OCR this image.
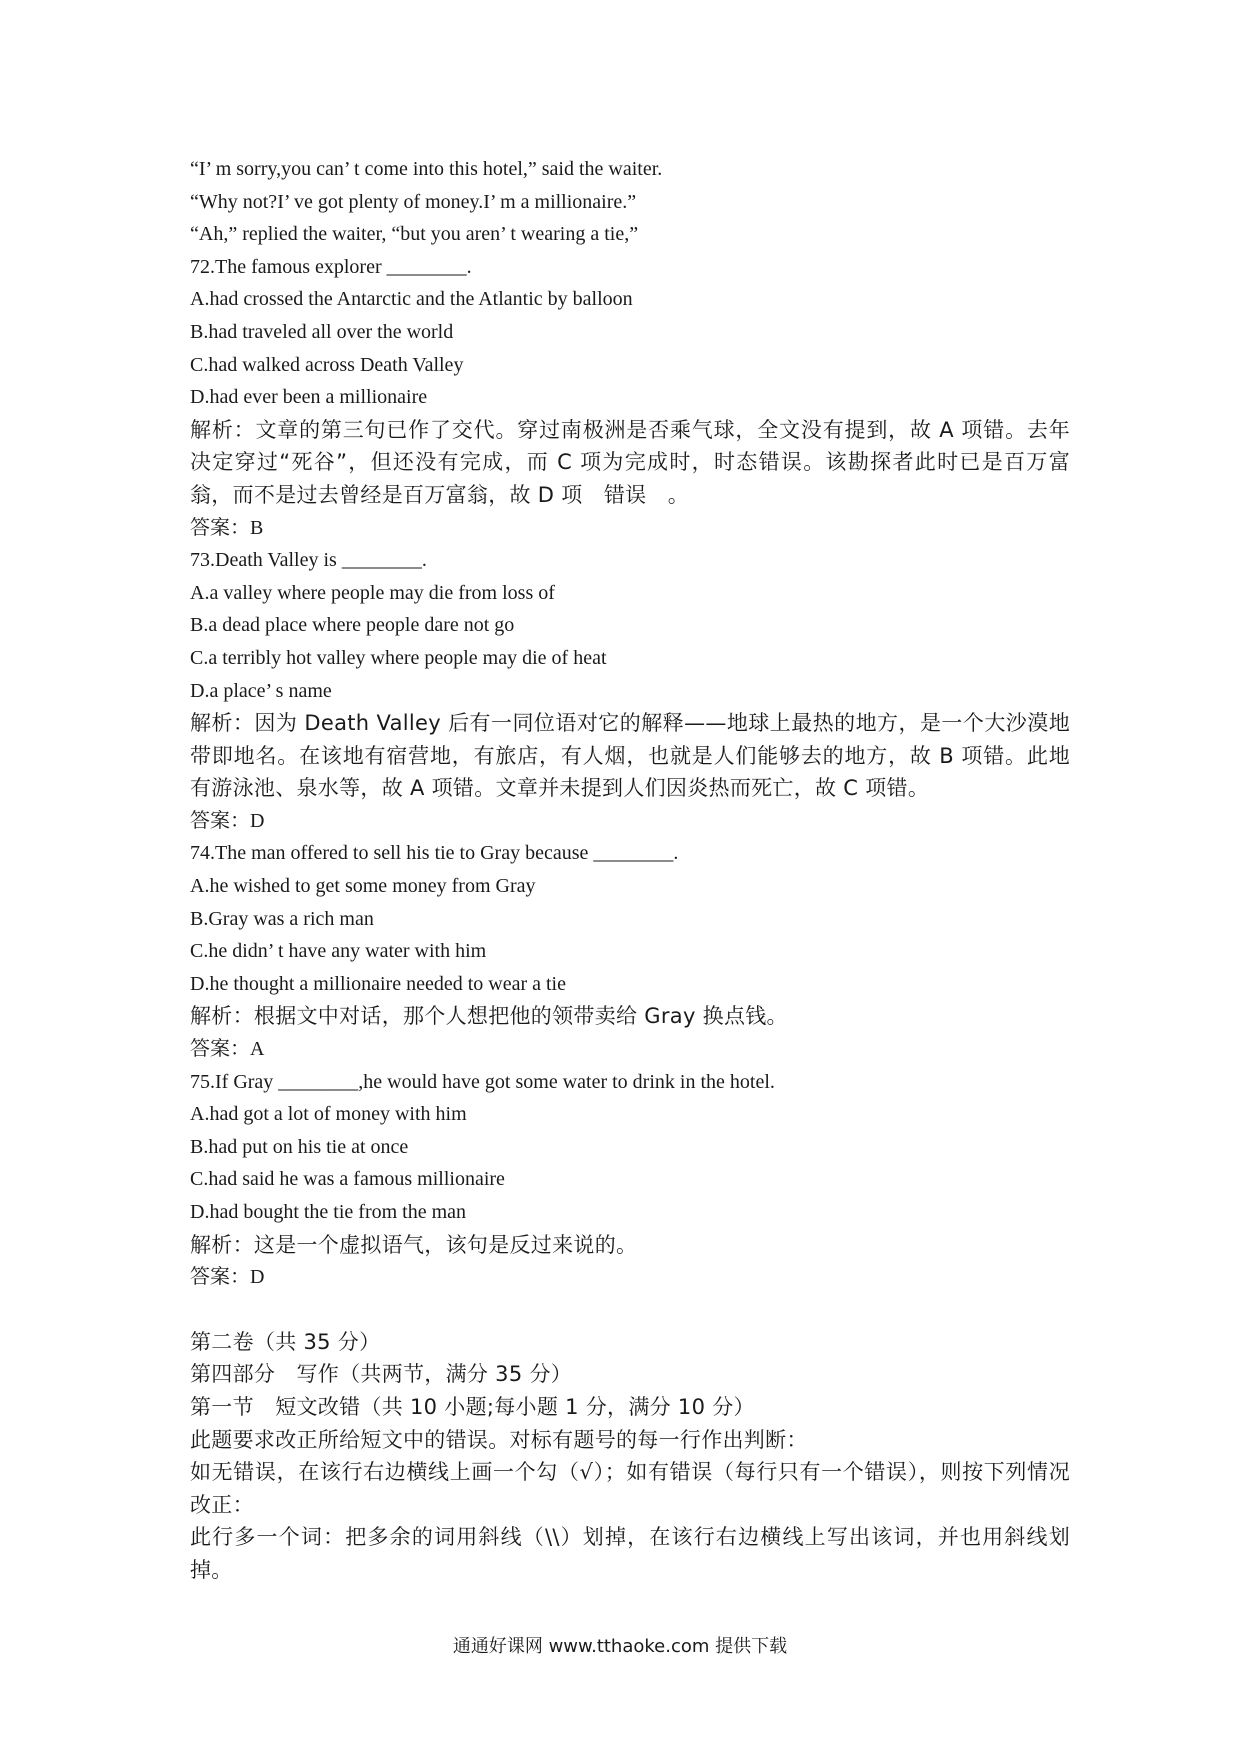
“I’ m sorry,you can’ t come into this hotel,” said the waiter.
“Why not?I’ ve got plenty of money.I’ m a millionaire.”
“Ah,” replied the waiter, “but you aren’ t wearing a tie,”
72.The famous explorer ________.
A.had crossed the Antarctic and the Atlantic by balloon
B.had traveled all over the world
C.had walked across Death Valley
D.had ever been a millionaire
解析：文章的第三句已作了交代。穿过南极洲是否乘气球，全文没有提到，故 A 项错。去年决定穿过“死谷”，但还没有完成，而 C 项为完成时，时态错误。该勘探者此时已是百万富翁，而不是过去曾经是百万富翁，故 D 项　错误　。
答案：B
73.Death Valley is ________.
A.a valley where people may die from loss of
B.a dead place where people dare not go
C.a terribly hot valley where people may die of heat
D.a place’ s name
解析：因为 Death Valley 后有一同位语对它的解释——地球上最热的地方，是一个大沙漠地带即地名。在该地有宿营地，有旅店，有人烟，也就是人们能够去的地方，故 B 项错。此地有游泳池、泉水等，故 A 项错。文章并未提到人们因炎热而死亡，故 C 项错。
答案：D
74.The man offered to sell his tie to Gray because ________.
A.he wished to get some money from Gray
B.Gray was a rich man
C.he didn’ t have any water with him
D.he thought a millionaire needed to wear a tie
解析：根据文中对话，那个人想把他的领带卖给 Gray 换点钱。
答案：A
75.If Gray ________,he would have got some water to drink in the hotel.
A.had got a lot of money with him
B.had put on his tie at once
C.had said he was a famous millionaire
D.had bought the tie from the man
解析：这是一个虚拟语气，该句是反过来说的。
答案：D
第二卷（共 35 分）
第四部分　写作（共两节，满分 35 分）
第一节　短文改错（共 10 小题;每小题 1 分，满分 10 分）
此题要求改正所给短文中的错误。对标有题号的每一行作出判断：
如无错误，在该行右边横线上画一个勾（√）；如有错误（每行只有一个错误），则按下列情况改正：
此行多一个词：把多余的词用斜线（\\）划掉，在该行右边横线上写出该词，并也用斜线划掉。
通通好课网 www.tthaoke.com 提供下载
